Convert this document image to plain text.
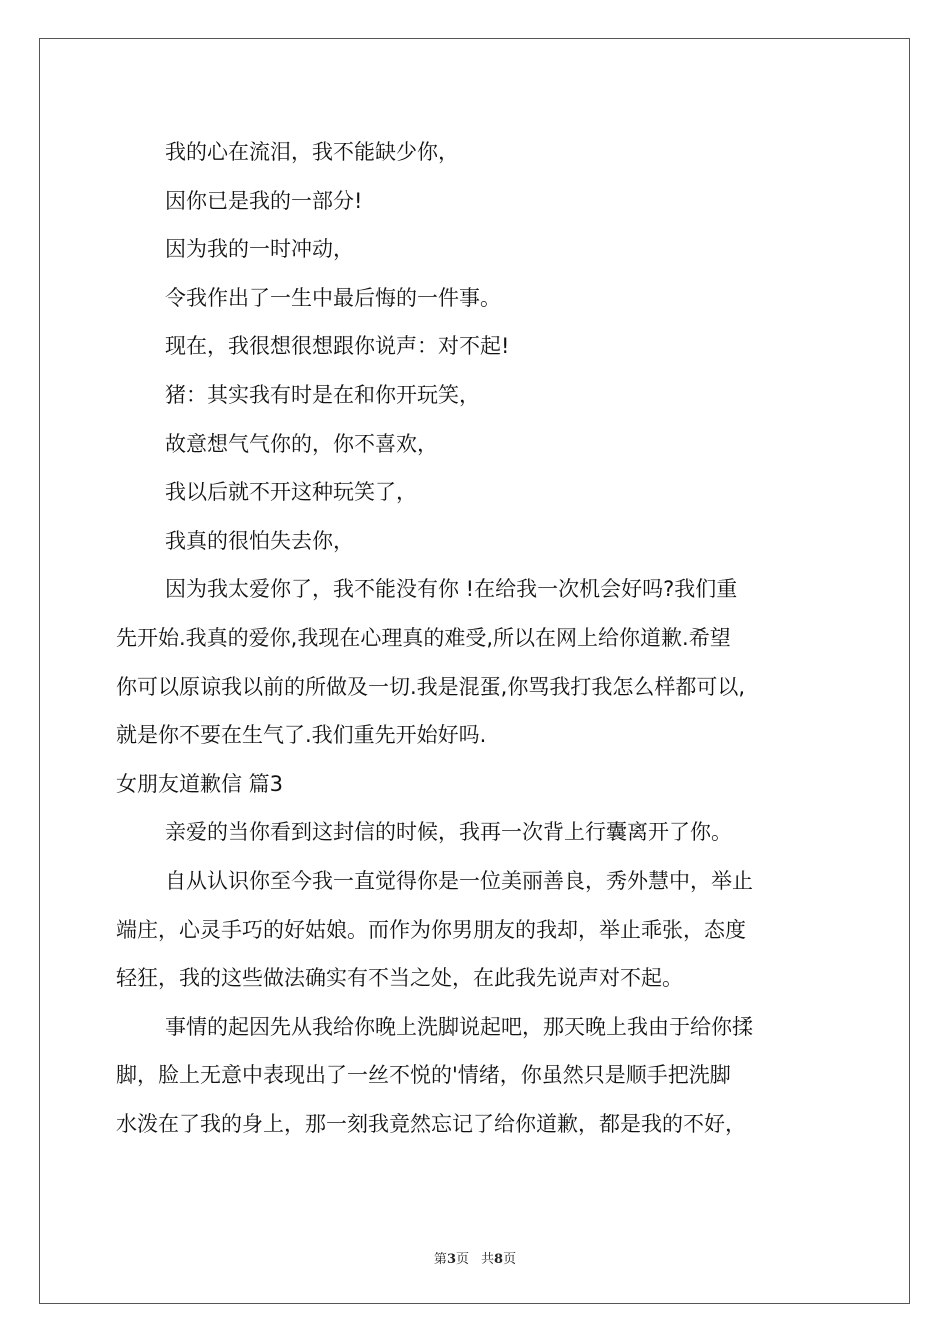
我的心在流泪，我不能缺少你，
因你已是我的一部分!
因为我的一时冲动，
令我作出了一生中最后悔的一件事。
现在，我很想很想跟你说声：对不起!
猪：其实我有时是在和你开玩笑，
故意想气气你的，你不喜欢，
我以后就不开这种玩笑了，
我真的很怕失去你，
因为我太爱你了，我不能没有你 !在给我一次机会好吗?我们重
先开始.我真的爱你,我现在心理真的难受,所以在网上给你道歉.希望
你可以原谅我以前的所做及一切.我是混蛋,你骂我打我怎么样都可以,
就是你不要在生气了.我们重先开始好吗.
女朋友道歉信 篇3
亲爱的当你看到这封信的时候，我再一次背上行囊离开了你。
自从认识你至今我一直觉得你是一位美丽善良，秀外慧中，举止
端庄，心灵手巧的好姑娘。而作为你男朋友的我却，举止乖张，态度
轻狂，我的这些做法确实有不当之处，在此我先说声对不起。
事情的起因先从我给你晚上洗脚说起吧，那天晚上我由于给你揉
脚，脸上无意中表现出了一丝不悦的'情绪，你虽然只是顺手把洗脚
水泼在了我的身上，那一刻我竟然忘记了给你道歉，都是我的不好，
第3页 共8页
